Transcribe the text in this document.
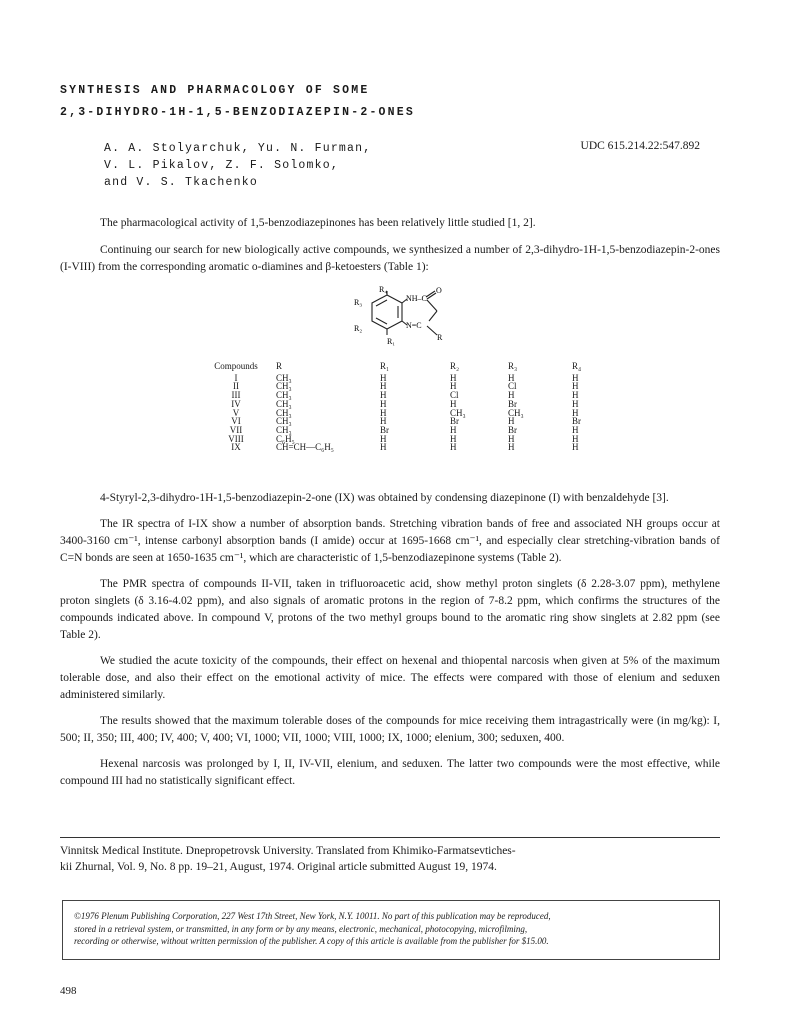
SYNTHESIS AND PHARMACOLOGY OF SOME
2,3-DIHYDRO-1H-1,5-BENZODIAZEPIN-2-ONES
A. A. Stolyarchuk, Yu. N. Furman,
V. L. Pikalov, Z. F. Solomko,
and V. S. Tkachenko
UDC 615.214.22:547.892

The pharmacological activity of 1,5-benzodiazepinones has been relatively little studied [1, 2].

Continuing our search for new biologically active compounds, we synthesized a number of 2,3-dihydro-1H-1,5-benzodiazepin-2-ones (I-VIII) from the corresponding aromatic o-diamines and β-ketoesters (Table 1):

R₄
R₃
R₂
R₁
NH–C
O
N=C
R
Compounds	R	R₁	R₂	R₃	R₄
I	CH₃	H	H	H	H
II	CH₃	H	H	Cl	H
III	CH₃	H	Cl	H	H
IV	CH₃	H	H	Br	H
V	CH₃	H	CH₃	CH₃	H
VI	CH₃	H	Br	H	Br
VII	CH₃	Br	H	Br	H
VIII	C₆H₅	H	H	H	H
IX	CH=CH—C₆H₅	H	H	H	H

4-Styryl-2,3-dihydro-1H-1,5-benzodiazepin-2-one (IX) was obtained by condensing diazepinone (I) with benzaldehyde [3].

The IR spectra of I-IX show a number of absorption bands. Stretching vibration bands of free and associated NH groups occur at 3400-3160 cm⁻¹, intense carbonyl absorption bands (I amide) occur at 1695-1668 cm⁻¹, and especially clear stretching-vibration bands of C=N bonds are seen at 1650-1635 cm⁻¹, which are characteristic of 1,5-benzodiazepinone systems (Table 2).

The PMR spectra of compounds II-VII, taken in trifluoroacetic acid, show methyl proton singlets (δ 2.28-3.07 ppm), methylene proton singlets (δ 3.16-4.02 ppm), and also signals of aromatic protons in the region of 7-8.2 ppm, which confirms the structures of the compounds indicated above. In compound V, protons of the two methyl groups bound to the aromatic ring show singlets at 2.82 ppm (see Table 2).

We studied the acute toxicity of the compounds, their effect on hexenal and thiopental narcosis when given at 5% of the maximum tolerable dose, and also their effect on the emotional activity of mice. The effects were compared with those of elenium and seduxen administered similarly.

The results showed that the maximum tolerable doses of the compounds for mice receiving them intragastrically were (in mg/kg): I, 500; II, 350; III, 400; IV, 400; V, 400; VI, 1000; VII, 1000; VIII, 1000; IX, 1000; elenium, 300; seduxen, 400.

Hexenal narcosis was prolonged by I, II, IV-VII, elenium, and seduxen. The latter two compounds were the most effective, while compound III had no statistically significant effect.

Vinnitsk Medical Institute. Dnepropetrovsk University. Translated from Khimiko-Farmatsevtiches-
kii Zhurnal, Vol. 9, No. 8 pp. 19–21, August, 1974. Original article submitted August 19, 1974.
©1976 Plenum Publishing Corporation, 227 West 17th Street, New York, N.Y. 10011. No part of this publication may be reproduced,
stored in a retrieval system, or transmitted, in any form or by any means, electronic, mechanical, photocopying, microfilming,
recording or otherwise, without written permission of the publisher. A copy of this article is available from the publisher for $15.00.
498
